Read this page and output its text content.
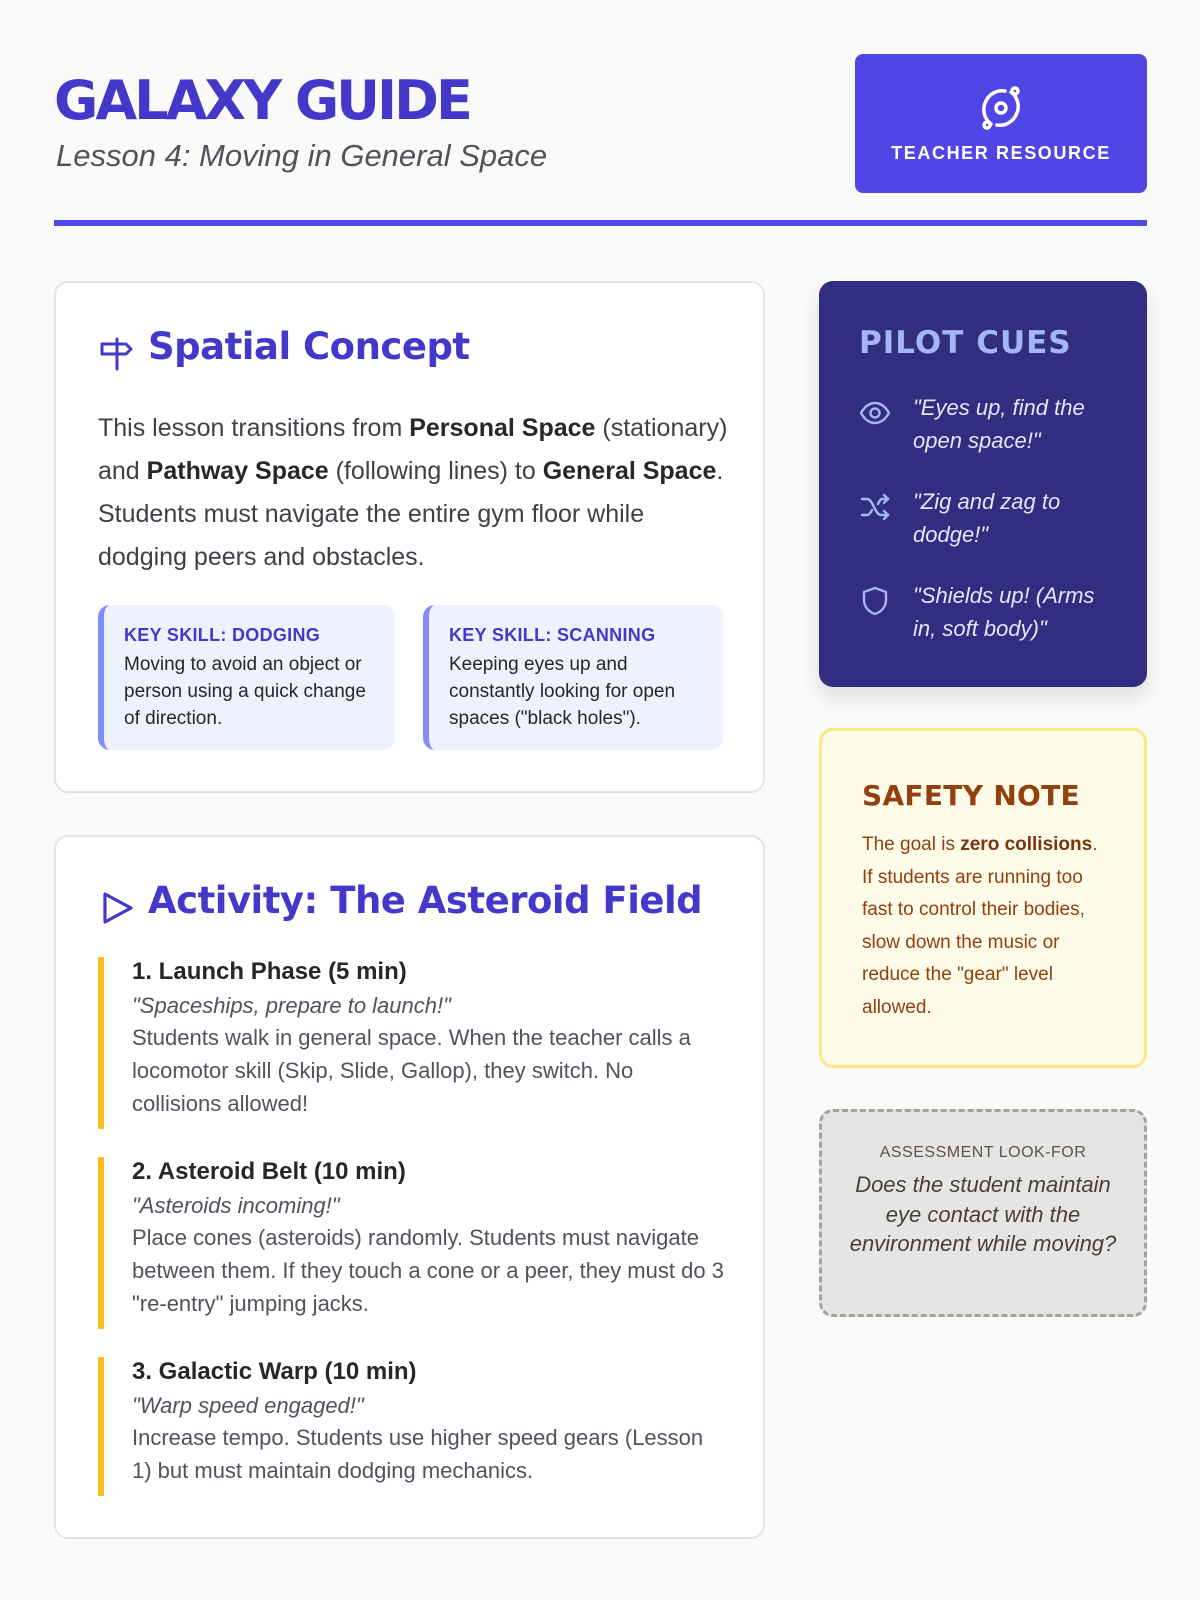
GALAXY GUIDE
Lesson 4: Moving in General Space	TEACHER RESOURCE
Spatial Concept
This lesson transitions from Personal Space (stationary) and Pathway Space (following lines) to General Space. Students must navigate the entire gym floor while dodging peers and obstacles.
KEY SKILL: DODGING
Moving to avoid an object or person using a quick change of direction.
KEY SKILL: SCANNING
Keeping eyes up and constantly looking for open spaces ("black holes").
Activity: The Asteroid Field
1. Launch Phase (5 min)
"Spaceships, prepare to launch!"
Students walk in general space. When the teacher calls a locomotor skill (Skip, Slide, Gallop), they switch. No collisions allowed!
2. Asteroid Belt (10 min)
"Asteroids incoming!"
Place cones (asteroids) randomly. Students must navigate between them. If they touch a cone or a peer, they must do 3 "re-entry" jumping jacks.
3. Galactic Warp (10 min)
"Warp speed engaged!"
Increase tempo. Students use higher speed gears (Lesson 1) but must maintain dodging mechanics.
PILOT CUES
"Eyes up, find the open space!"
"Zig and zag to dodge!"
"Shields up! (Arms in, soft body)"
SAFETY NOTE
The goal is zero collisions. If students are running too fast to control their bodies, slow down the music or reduce the "gear" level allowed.
ASSESSMENT LOOK-FOR
Does the student maintain eye contact with the environment while moving?
